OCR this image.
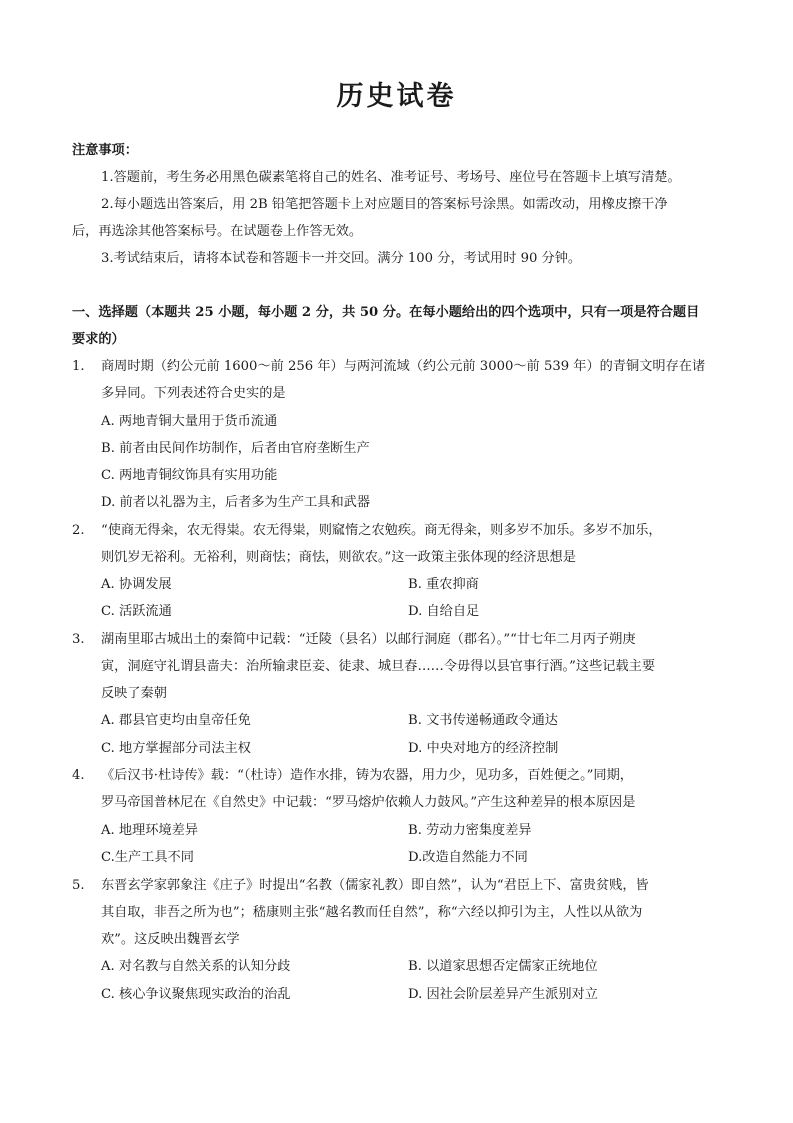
历史试卷
注意事项：
1.答题前，考生务必用黑色碳素笔将自己的姓名、准考证号、考场号、座位号在答题卡上填写清楚。
2.每小题选出答案后，用 2B 铅笔把答题卡上对应题目的答案标号涂黑。如需改动，用橡皮擦干净
后，再选涂其他答案标号。在试题卷上作答无效。
3.考试结束后，请将本试卷和答题卡一并交回。满分 100 分，考试用时 90 分钟。
一、选择题（本题共 25 小题，每小题 2 分，共 50 分。在每小题给出的四个选项中，只有一项是符合题目
要求的）
1. 商周时期（约公元前 1600～前 256 年）与两河流域（约公元前 3000～前 539 年）的青铜文明存在诸
多异同。下列表述符合史实的是
A. 两地青铜大量用于货币流通
B. 前者由民间作坊制作，后者由官府垄断生产
C. 两地青铜纹饰具有实用功能
D. 前者以礼器为主，后者多为生产工具和武器
2. “使商无得籴，农无得粜。农无得粜，则窳惰之农勉疾。商无得籴，则多岁不加乐。多岁不加乐，
则饥岁无裕利。无裕利，则商怯；商怯，则欲农。”这一政策主张体现的经济思想是
A. 协调发展	B. 重农抑商
C. 活跃流通	D. 自给自足
3. 湖南里耶古城出土的秦简中记载：“迁陵（县名）以邮行洞庭（郡名）。”“廿七年二月丙子朔庚
寅，洞庭守礼谓县啬夫：治所输隶臣妾、徒隶、城旦舂……令毋得以县官事行酒。”这些记载主要
反映了秦朝
A. 郡县官吏均由皇帝任免	B. 文书传递畅通政令通达
C. 地方掌握部分司法主权	D. 中央对地方的经济控制
4. 《后汉书·杜诗传》载：“（杜诗）造作水排，铸为农器，用力少，见功多，百姓便之。”同期，
罗马帝国普林尼在《自然史》中记载：“罗马熔炉依赖人力鼓风。”产生这种差异的根本原因是
A. 地理环境差异	B. 劳动力密集度差异
C.生产工具不同	D.改造自然能力不同
5. 东晋玄学家郭象注《庄子》时提出“名教（儒家礼教）即自然”，认为“君臣上下、富贵贫贱，皆
其自取，非吾之所为也”；嵇康则主张“越名教而任自然”，称“六经以抑引为主，人性以从欲为
欢”。这反映出魏晋玄学
A. 对名教与自然关系的认知分歧	B. 以道家思想否定儒家正统地位
C. 核心争议聚焦现实政治的治乱	D. 因社会阶层差异产生派别对立
